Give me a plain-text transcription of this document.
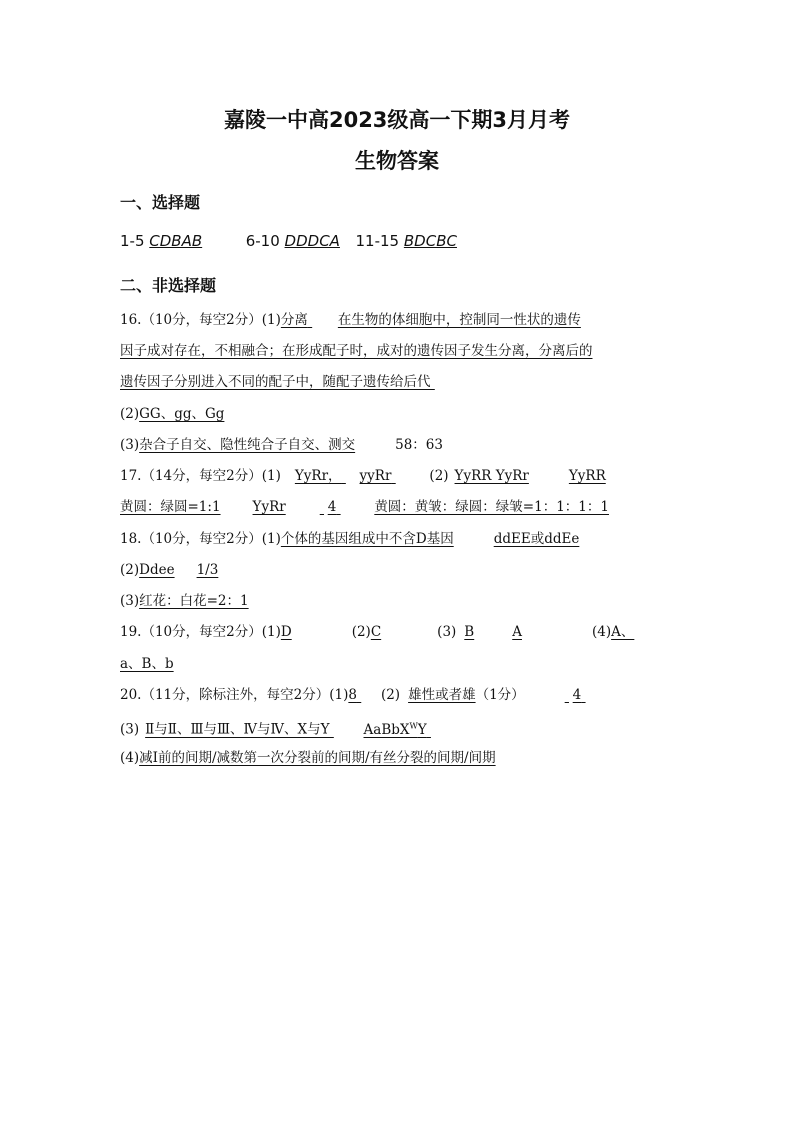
嘉陵一中高2023级高一下期3月月考
生物答案
一、选择题
1-5 CDBAB	6-10 DDDCA 11-15 BDCBC
二、非选择题
16.（10分，每空2分）(1)分离 在生物的体细胞中，控制同一性状的遗传
因子成对存在，不相融合；在形成配子时，成对的遗传因子发生分离，分离后的
遗传因子分别进入不同的配子中，随配子遗传给后代
(2)GG、gg、Gg
(3)杂合子自交、隐性纯合子自交、测交	58：63
17.（14分，每空2分）(1) YyRr， yyRr	(2) YyRR YyRr	YyRR
黄圆：绿圆=1:1 YyRr	4	黄圆：黄皱：绿圆：绿皱=1：1：1：1
18.（10分，每空2分）(1)个体的基因组成中不含D基因	ddEE或ddEe
(2)Ddee 1/3
(3)红花：白花=2：1
19.（10分，每空2分）(1)D	(2)C	(3) B	A	(4)A、
a、B、b
20.（11分，除标注外，每空2分）(1)8 (2) 雄性或者雄（1分）	4
(3) Ⅱ与Ⅱ、Ⅲ与Ⅲ、Ⅳ与Ⅳ、X与Y	AaBbX$^W$Y
(4)减Ⅰ前的间期/减数第一次分裂前的间期/有丝分裂的间期/间期
